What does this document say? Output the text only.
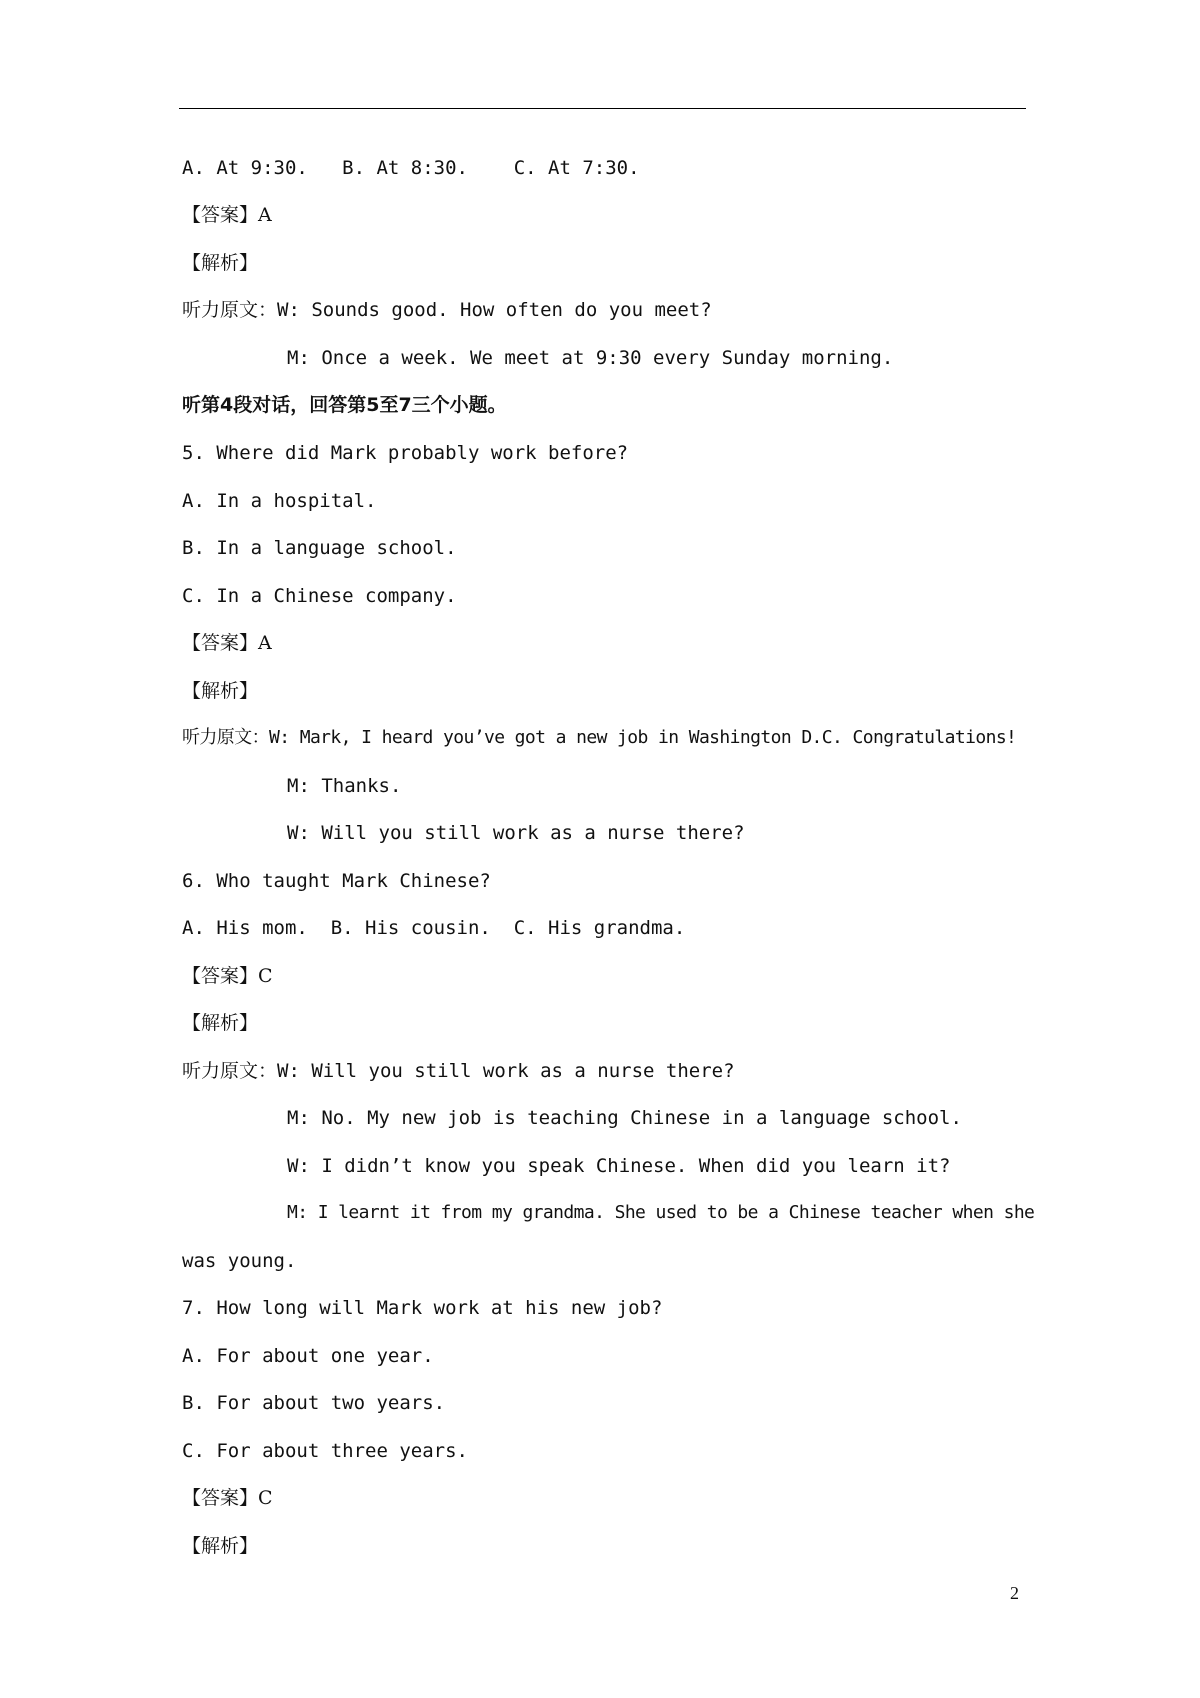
A. At 9:30.   B. At 8:30.    C. At 7:30.
【答案】A
【解析】
听力原文：W: Sounds good. How often do you meet?
M: Once a week. We meet at 9:30 every Sunday morning.
听第4段对话，回答第5至7三个小题。
5. Where did Mark probably work before?
A. In a hospital.
B. In a language school.
C. In a Chinese company.
【答案】A
【解析】
听力原文：W: Mark, I heard you’ve got a new job in Washington D.C. Congratulations!
M: Thanks.
W: Will you still work as a nurse there?
6. Who taught Mark Chinese?
A. His mom.  B. His cousin.  C. His grandma.
【答案】C
【解析】
听力原文：W: Will you still work as a nurse there?
M: No. My new job is teaching Chinese in a language school.
W: I didn’t know you speak Chinese. When did you learn it?
M: I learnt it from my grandma. She used to be a Chinese teacher when she
was young.
7. How long will Mark work at his new job?
A. For about one year.
B. For about two years.
C. For about three years.
【答案】C
【解析】
2
